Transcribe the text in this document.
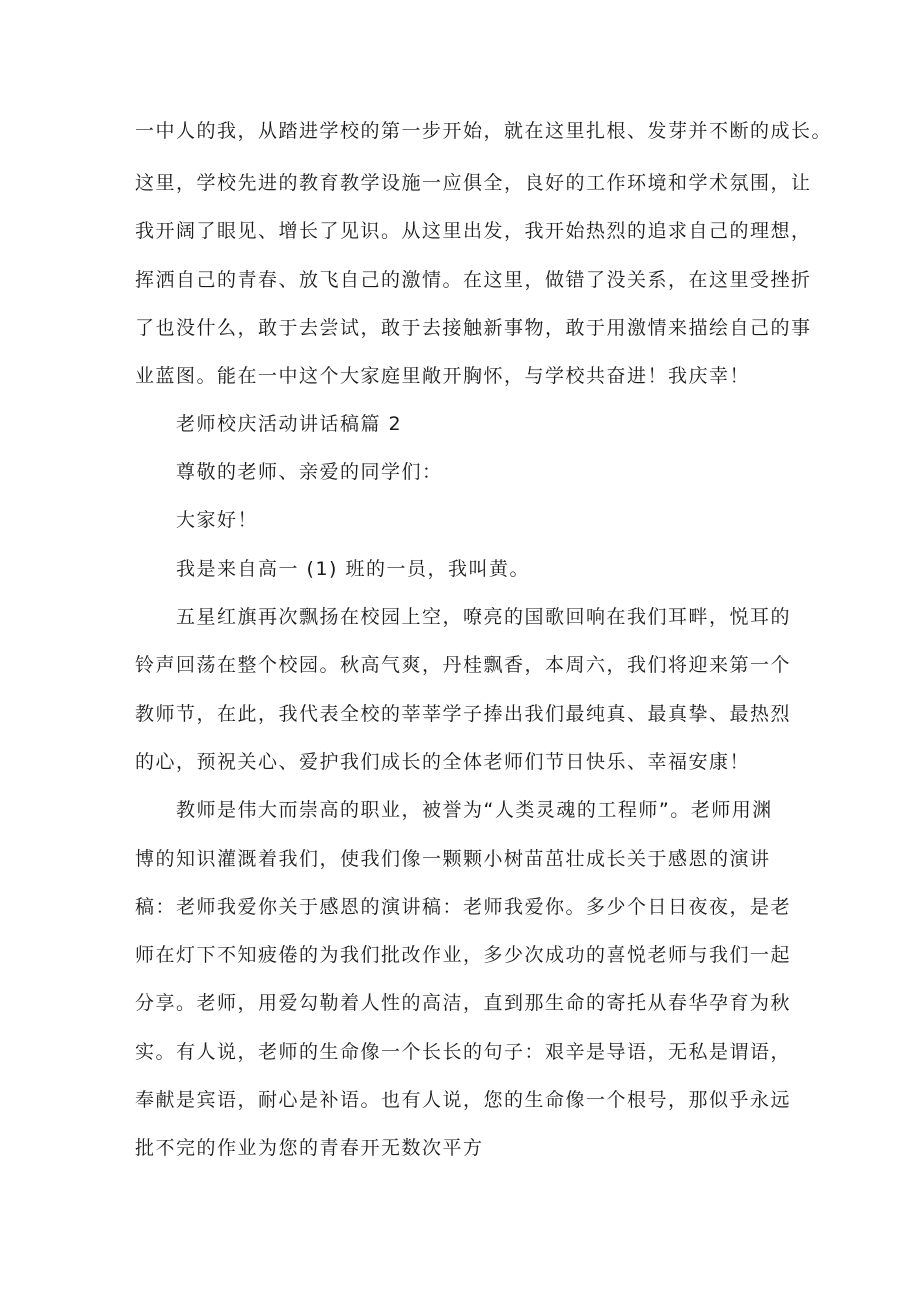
一中人的我，从踏进学校的第一步开始，就在这里扎根、发芽并不断的成长。
这里，学校先进的教育教学设施一应俱全，良好的工作环境和学术氛围，让
我开阔了眼见、增长了见识。从这里出发，我开始热烈的追求自己的理想，
挥洒自己的青春、放飞自己的激情。在这里，做错了没关系，在这里受挫折
了也没什么，敢于去尝试，敢于去接触新事物，敢于用激情来描绘自己的事
业蓝图。能在一中这个大家庭里敞开胸怀，与学校共奋进！我庆幸！
老师校庆活动讲话稿篇 2
尊敬的老师、亲爱的同学们：
大家好！
我是来自高一 (1) 班的一员，我叫黄。
五星红旗再次飘扬在校园上空，嘹亮的国歌回响在我们耳畔，悦耳的
铃声回荡在整个校园。秋高气爽，丹桂飘香，本周六，我们将迎来第一个
教师节，在此，我代表全校的莘莘学子捧出我们最纯真、最真挚、最热烈
的心，预祝关心、爱护我们成长的全体老师们节日快乐、幸福安康！
教师是伟大而崇高的职业，被誉为“人类灵魂的工程师”。老师用渊
博的知识灌溉着我们，使我们像一颗颗小树苗茁壮成长关于感恩的演讲
稿：老师我爱你关于感恩的演讲稿：老师我爱你。多少个日日夜夜，是老
师在灯下不知疲倦的为我们批改作业，多少次成功的喜悦老师与我们一起
分享。老师，用爱勾勒着人性的高洁，直到那生命的寄托从春华孕育为秋
实。有人说，老师的生命像一个长长的句子：艰辛是导语，无私是谓语，
奉献是宾语，耐心是补语。也有人说，您的生命像一个根号，那似乎永远
批不完的作业为您的青春开无数次平方
